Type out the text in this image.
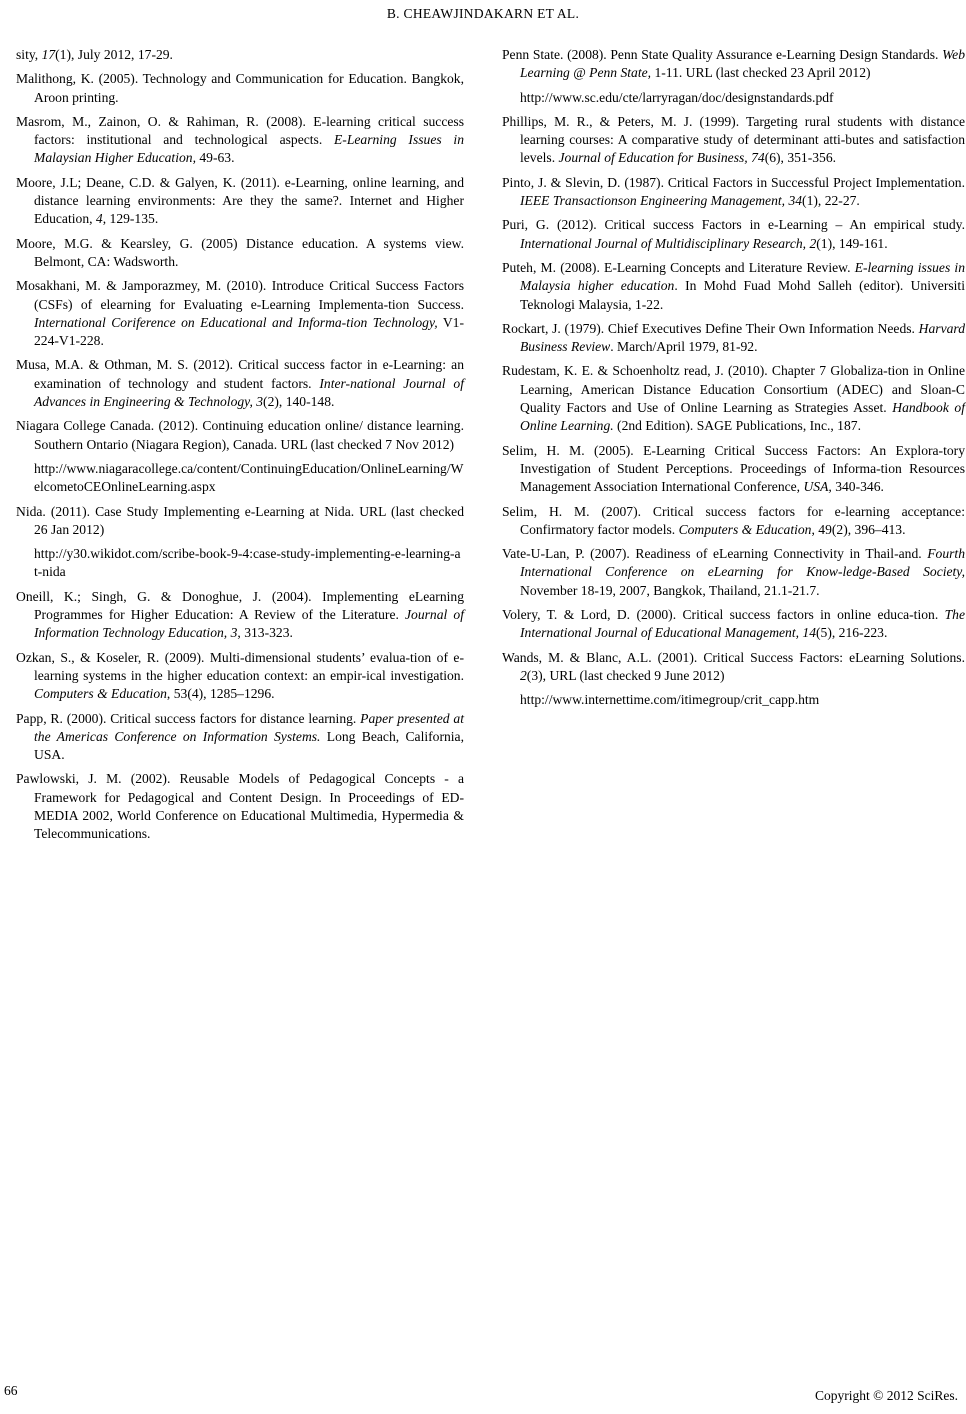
B. CHEAWJINDAKARN ET AL.

sity, 17(1), July 2012, 17-29.

Malithong, K. (2005). Technology and Communication for Education. Bangkok, Aroon printing.

Masrom, M., Zainon, O. & Rahiman, R. (2008). E-learning critical success factors: institutional and technological aspects. E-Learning Issues in Malaysian Higher Education, 49-63.

Moore, J.L; Deane, C.D. & Galyen, K. (2011). e-Learning, online learning, and distance learning environments: Are they the same?. Internet and Higher Education, 4, 129-135.

Moore, M.G. & Kearsley, G. (2005) Distance education. A systems view. Belmont, CA: Wadsworth.

Mosakhani, M. & Jamporazmey, M. (2010). Introduce Critical Success Factors (CSFs) of elearning for Evaluating e-Learning Implementa-tion Success. International Coriference on Educational and Informa-tion Technology, V1-224-V1-228.

Musa, M.A. & Othman, M. S. (2012). Critical success factor in e-Learning: an examination of technology and student factors. Inter-national Journal of Advances in Engineering & Technology, 3(2), 140-148.

Niagara College Canada. (2012). Continuing education online/ distance learning. Southern Ontario (Niagara Region), Canada. URL (last checked 7 Nov 2012)

http://www.niagaracollege.ca/content/ContinuingEducation/OnlineLearning/WelcometoCEOnlineLearning.aspx

Nida. (2011). Case Study Implementing e-Learning at Nida. URL (last checked 26 Jan 2012)

http://y30.wikidot.com/scribe-book-9-4:case-study-implementing-e-learning-at-nida

Oneill, K.; Singh, G. & Donoghue, J. (2004). Implementing eLearning Programmes for Higher Education: A Review of the Literature. Journal of Information Technology Education, 3, 313-323.

Ozkan, S., & Koseler, R. (2009). Multi-dimensional students’ evalua-tion of e-learning systems in the higher education context: an empir-ical investigation. Computers & Education, 53(4), 1285–1296.

Papp, R. (2000). Critical success factors for distance learning. Paper presented at the Americas Conference on Information Systems. Long Beach, California, USA.

Pawlowski, J. M. (2002). Reusable Models of Pedagogical Concepts - a Framework for Pedagogical and Content Design. In Proceedings of ED-MEDIA 2002, World Conference on Educational Multimedia, Hypermedia & Telecommunications.

Penn State. (2008). Penn State Quality Assurance e-Learning Design Standards. Web Learning @ Penn State, 1-11. URL (last checked 23 April 2012)

http://www.sc.edu/cte/larryragan/doc/designstandards.pdf

Phillips, M. R., & Peters, M. J. (1999). Targeting rural students with distance learning courses: A comparative study of determinant atti-butes and satisfaction levels. Journal of Education for Business, 74(6), 351-356.

Pinto, J. & Slevin, D. (1987). Critical Factors in Successful Project Implementation. IEEE Transactionson Engineering Management, 34(1), 22-27.

Puri, G. (2012). Critical success Factors in e-Learning – An empirical study. International Journal of Multidisciplinary Research, 2(1), 149-161.

Puteh, M. (2008). E-Learning Concepts and Literature Review. E-learning issues in Malaysia higher education. In Mohd Fuad Mohd Salleh (editor). Universiti Teknologi Malaysia, 1-22.

Rockart, J. (1979). Chief Executives Define Their Own Information Needs. Harvard Business Review. March/April 1979, 81-92.

Rudestam, K. E. & Schoenholtz read, J. (2010). Chapter 7 Globaliza-tion in Online Learning, American Distance Education Consortium (ADEC) and Sloan-C Quality Factors and Use of Online Learning as Strategies Asset. Handbook of Online Learning. (2nd Edition). SAGE Publications, Inc., 187.

Selim, H. M. (2005). E-Learning Critical Success Factors: An Explora-tory Investigation of Student Perceptions. Proceedings of Informa-tion Resources Management Association International Conference, USA, 340-346.

Selim, H. M. (2007). Critical success factors for e-learning acceptance: Confirmatory factor models. Computers & Education, 49(2), 396–413.

Vate-U-Lan, P. (2007). Readiness of eLearning Connectivity in Thail-and. Fourth International Conference on eLearning for Know-ledge-Based Society, November 18-19, 2007, Bangkok, Thailand, 21.1-21.7.

Volery, T. & Lord, D. (2000). Critical success factors in online educa-tion. The International Journal of Educational Management, 14(5), 216-223.

Wands, M. & Blanc, A.L. (2001). Critical Success Factors: eLearning Solutions. 2(3), URL (last checked 9 June 2012)

http://www.internettime.com/itimegroup/crit_capp.htm
66	Copyright © 2012 SciRes.
